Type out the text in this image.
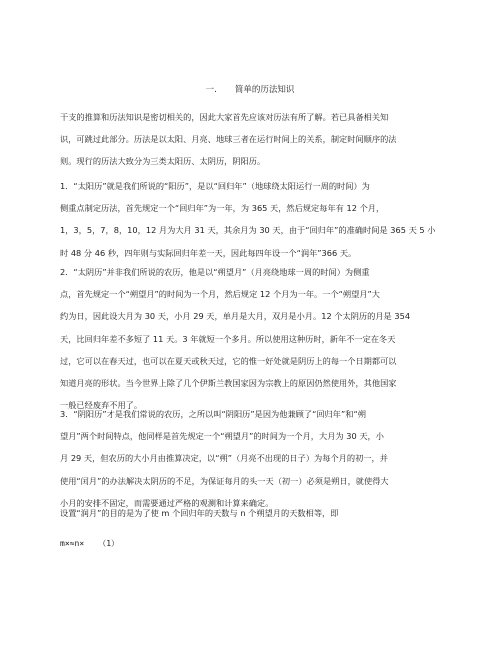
一. 简单的历法知识
干支的推算和历法知识是密切相关的，因此大家首先应该对历法有所了解。若已具备相关知
识，可跳过此部分。历法是以太阳、月亮、地球三者在运行时间上的关系，制定时间顺序的法
则。现行的历法大致分为三类太阳历、太阴历，阴阳历。
1．“太阳历”就是我们所说的“阳历”，是以“回归年”（地球绕太阳运行一周的时间）为
侧重点制定历法，首先规定一个“回归年”为一年，为 365 天，然后规定每年有 12 个月，
1，3，5，7，8，10，12 月为大月 31 天，其余月为 30 天，由于“回归年”的准确时间是 365 天 5 小
时 48 分 46 秒，四年则与实际回归年差一天，因此每四年设一个“润年”366 天。
2．“太阴历”并非我们所说的农历，他是以“朔望月”（月亮绕地球一周的时间）为侧重
点，首先规定一个“朔望月”的时间为一个月，然后规定 12 个月为一年。一个“朔望月”大
约为日，因此设大月为 30 天，小月 29 天，单月是大月，双月是小月。12 个太阴历的月是 354
天，比回归年差不多短了 11 天。3 年就短一个多月。所以使用这种历时，新年不一定在冬天
过，它可以在春天过，也可以在夏天或秋天过，它的惟一好处就是阴历上的每一个日期都可以
知道月亮的形状。当今世界上除了几个伊斯兰教国家因为宗教上的原因仍然使用外，其他国家
一般已经废弃不用了。
3．“阴阳历”才是我们常说的农历，之所以叫“阴阳历”是因为他兼顾了“回归年”和“朔
望月”两个时间特点，他同样是首先规定一个“朔望月”的时间为一个月，大月为 30 天，小
月 29 天，但农历的大小月由推算决定，以“朔”（月亮不出现的日子）为每个月的初一，并
使用“闰月”的办法解决太阴历的不足，为保证每月的头一天（初一）必须是朔日，就使得大
小月的安排不固定，而需要通过严格的观测和计算来确定。
设置“润月”的目的是为了使 m 个回归年的天数与 n 个朔望月的天数相等，即
m×≈n× （1）
